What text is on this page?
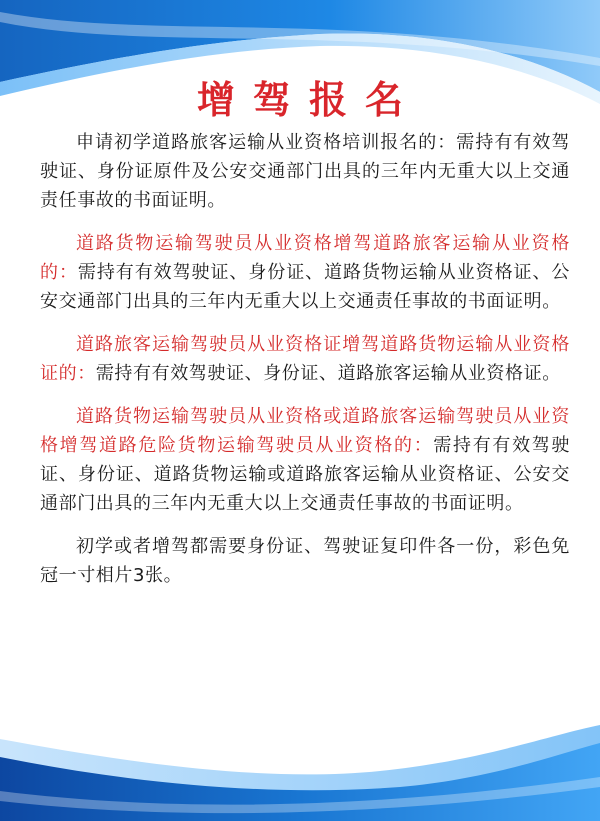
增驾报名

申请初学道路旅客运输从业资格培训报名的：需持有有效驾驶证、身份证原件及公安交通部门出具的三年内无重大以上交通责任事故的书面证明。

道路货物运输驾驶员从业资格增驾道路旅客运输从业资格的：需持有有效驾驶证、身份证、道路货物运输从业资格证、公安交通部门出具的三年内无重大以上交通责任事故的书面证明。

道路旅客运输驾驶员从业资格证增驾道路货物运输从业资格证的：需持有有效驾驶证、身份证、道路旅客运输从业资格证。

道路货物运输驾驶员从业资格或道路旅客运输驾驶员从业资格增驾道路危险货物运输驾驶员从业资格的：需持有有效驾驶证、身份证、道路货物运输或道路旅客运输从业资格证、公安交通部门出具的三年内无重大以上交通责任事故的书面证明。

初学或者增驾都需要身份证、驾驶证复印件各一份，彩色免冠一寸相片3张。
